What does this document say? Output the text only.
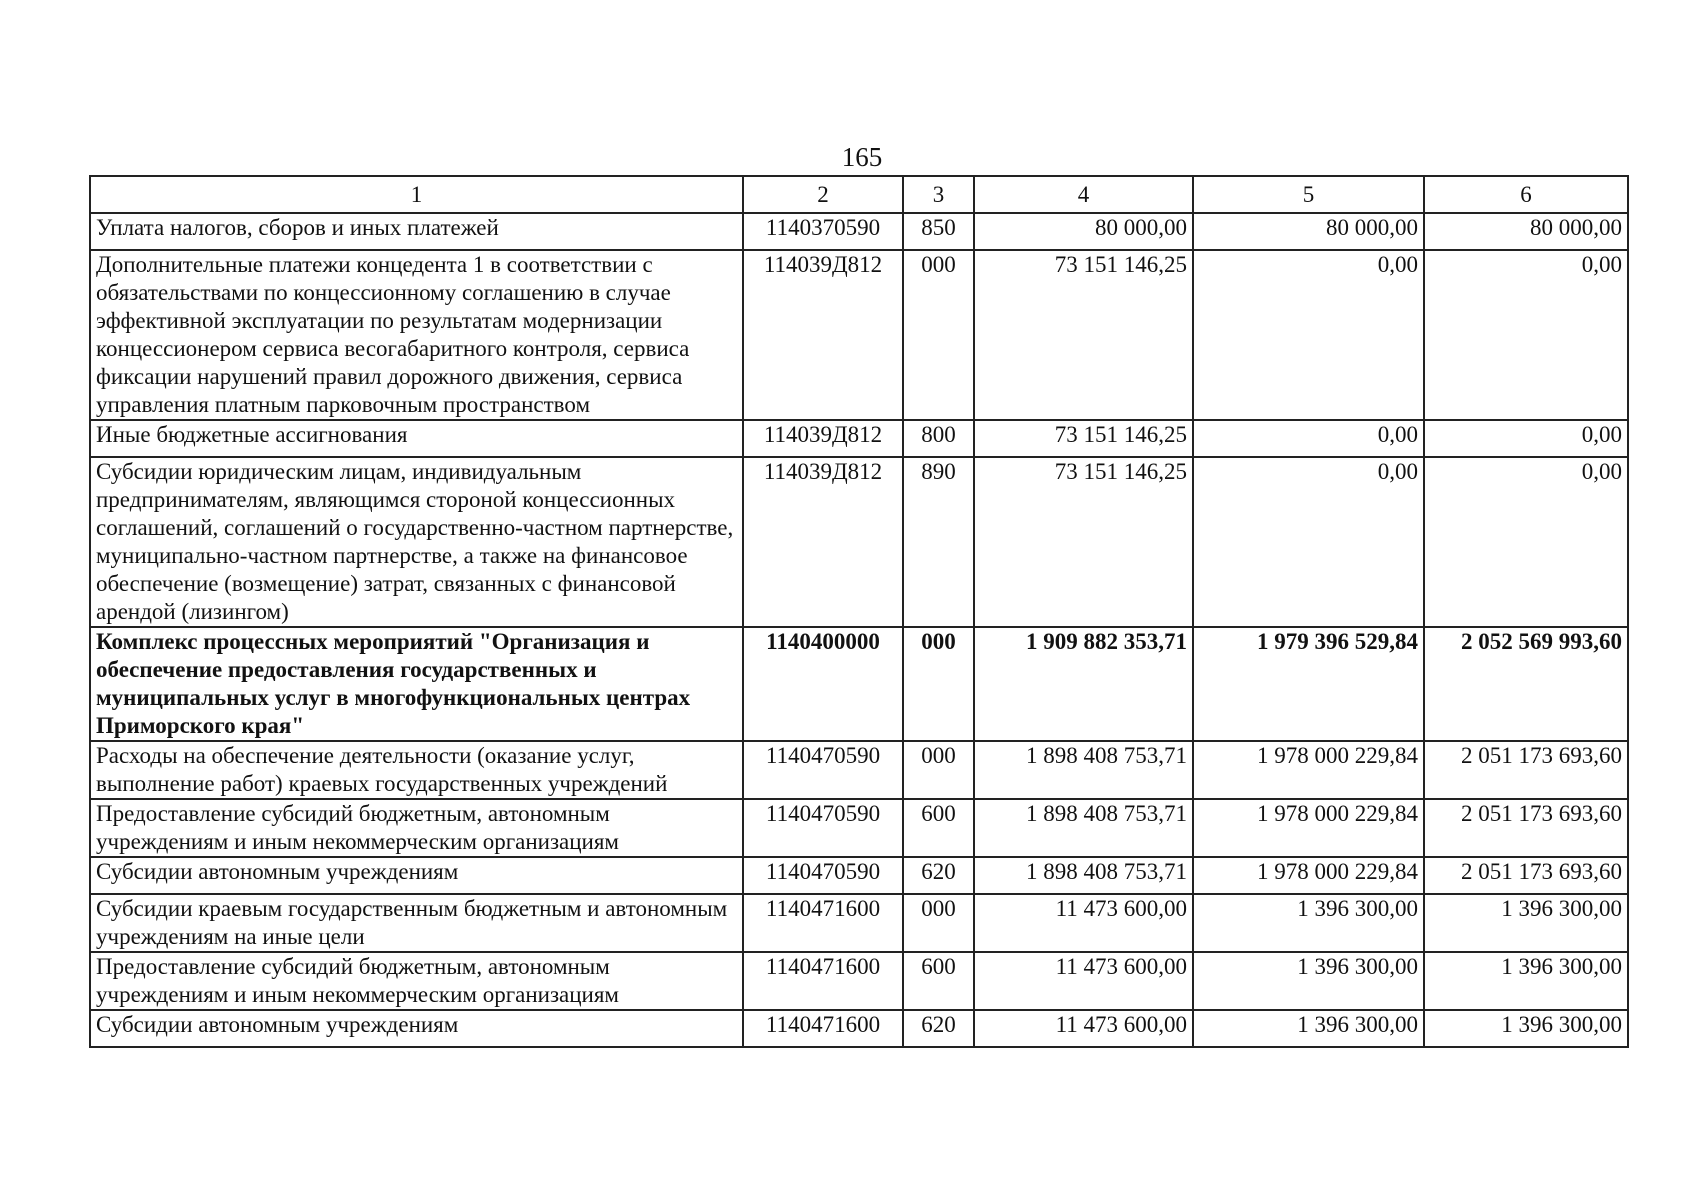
165
1	2	3	4	5	6
Уплата налогов, сборов и иных платежей	1140370590	850	80 000,00	80 000,00	80 000,00
Дополнительные платежи концедента 1 в соответствии с обязательствами по концессионному соглашению в случае эффективной эксплуатации по результатам модернизации концессионером сервиса весогабаритного контроля, сервиса фиксации нарушений правил дорожного движения, сервиса управления платным парковочным пространством	114039Д812	000	73 151 146,25	0,00	0,00
Иные бюджетные ассигнования	114039Д812	800	73 151 146,25	0,00	0,00
Субсидии юридическим лицам, индивидуальным предпринимателям, являющимся стороной концессионных соглашений, соглашений о государственно-частном партнерстве, муниципально-частном партнерстве, а также на финансовое обеспечение (возмещение) затрат, связанных с финансовой арендой (лизингом)	114039Д812	890	73 151 146,25	0,00	0,00
Комплекс процессных мероприятий "Организация и обеспечение предоставления государственных и муниципальных услуг в многофункциональных центрах Приморского края"	1140400000	000	1 909 882 353,71	1 979 396 529,84	2 052 569 993,60
Расходы на обеспечение деятельности (оказание услуг, выполнение работ) краевых государственных учреждений	1140470590	000	1 898 408 753,71	1 978 000 229,84	2 051 173 693,60
Предоставление субсидий бюджетным, автономным учреждениям и иным некоммерческим организациям	1140470590	600	1 898 408 753,71	1 978 000 229,84	2 051 173 693,60
Субсидии автономным учреждениям	1140470590	620	1 898 408 753,71	1 978 000 229,84	2 051 173 693,60
Субсидии краевым государственным бюджетным и автономным учреждениям на иные цели	1140471600	000	11 473 600,00	1 396 300,00	1 396 300,00
Предоставление субсидий бюджетным, автономным учреждениям и иным некоммерческим организациям	1140471600	600	11 473 600,00	1 396 300,00	1 396 300,00
Субсидии автономным учреждениям	1140471600	620	11 473 600,00	1 396 300,00	1 396 300,00
